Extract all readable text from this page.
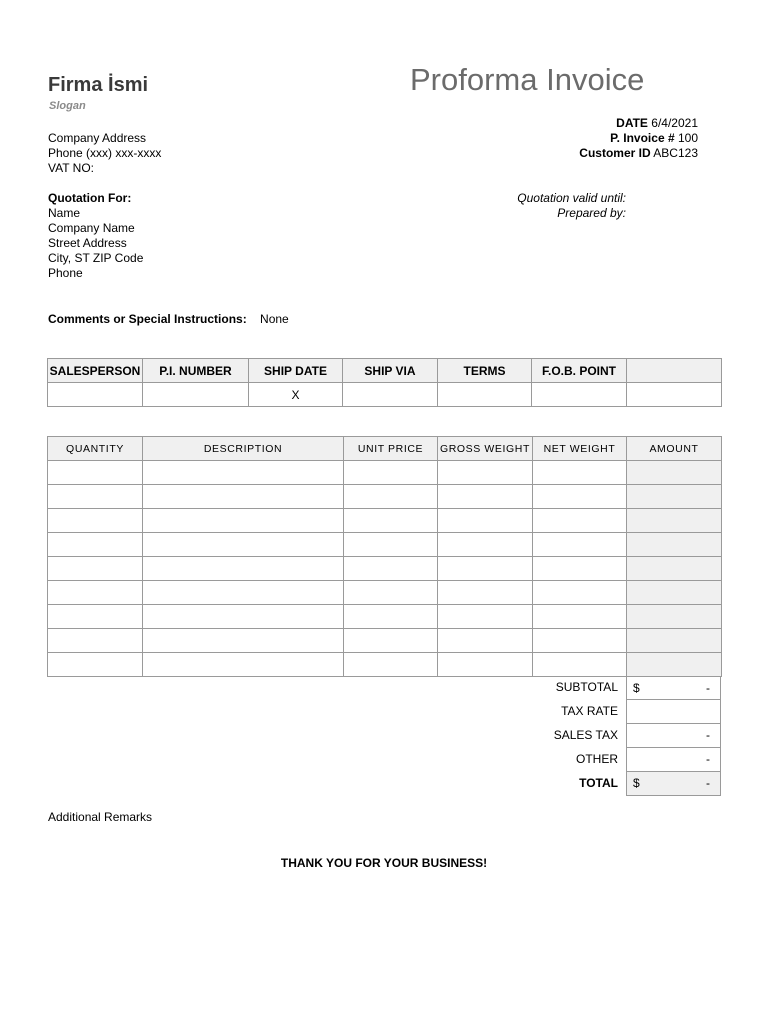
Firma İsmi
Slogan
Proforma Invoice
Company Address
Phone (xxx) xxx-xxxx
VAT NO:
DATE 6/4/2021
P. Invoice # 100
Customer ID ABC123
Quotation For:
Name
Company Name
Street Address
City, ST ZIP Code
Phone
Quotation valid until:
Prepared by:
Comments or Special Instructions: None
SALESPERSON	P.I. NUMBER	SHIP DATE	SHIP VIA	TERMS	F.O.B. POINT	
		X				
QUANTITY	DESCRIPTION	UNIT PRICE	GROSS WEIGHT	NET WEIGHT	AMOUNT

SUBTOTAL	$	-
TAX RATE
SALES TAX	-
OTHER	-
TOTAL	$	-
Additional Remarks
THANK YOU FOR YOUR BUSINESS!
